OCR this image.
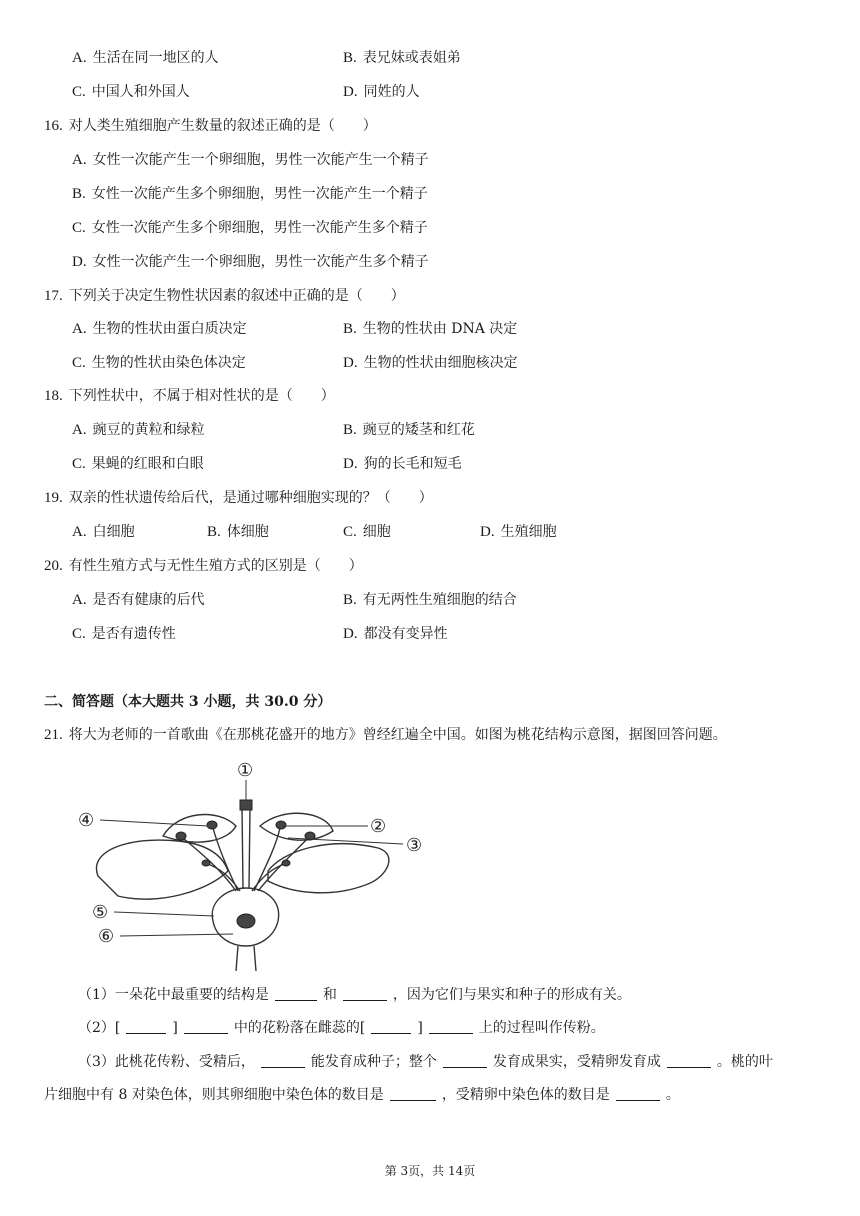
A. 生活在同一地区的人	B. 表兄妹或表姐弟
C. 中国人和外国人	D. 同姓的人
16. 对人类生殖细胞产生数量的叙述正确的是（　　）
A. 女性一次能产生一个卵细胞，男性一次能产生一个精子
B. 女性一次能产生多个卵细胞，男性一次能产生一个精子
C. 女性一次能产生多个卵细胞，男性一次能产生多个精子
D. 女性一次能产生一个卵细胞，男性一次能产生多个精子
17. 下列关于决定生物性状因素的叙述中正确的是（　　）
A. 生物的性状由蛋白质决定	B. 生物的性状由 DNA 决定
C. 生物的性状由染色体决定	D. 生物的性状由细胞核决定
18. 下列性状中，不属于相对性状的是（　　）
A. 豌豆的黄粒和绿粒	B. 豌豆的矮茎和红花
C. 果蝇的红眼和白眼	D. 狗的长毛和短毛
19. 双亲的性状遗传给后代，是通过哪种细胞实现的？（　　）
A. 白细胞	B. 体细胞	C. 细胞	D. 生殖细胞
20. 有性生殖方式与无性生殖方式的区别是（　　）
A. 是否有健康的后代	B. 有无两性生殖细胞的结合
C. 是否有遗传性	D. 都没有变异性
二、简答题（本大题共 3 小题，共 30.0 分）
21. 将大为老师的一首歌曲《在那桃花盛开的地方》曾经红遍全中国。如图为桃花结构示意图，据图回答问题。
①
②
③
④
⑤
⑥
（1）一朵花中最重要的结构是	和	，因为它们与果实和种子的形成有关。
（2）[	]	中的花粉落在雌蕊的[	]	上的过程叫作传粉。
（3）此桃花传粉、受精后，	能发育成种子；整个	发育成果实，受精卵发育成	。桃的叶
片细胞中有 8 对染色体，则其卵细胞中染色体的数目是	，受精卵中染色体的数目是	。
第 3页，共 14页
